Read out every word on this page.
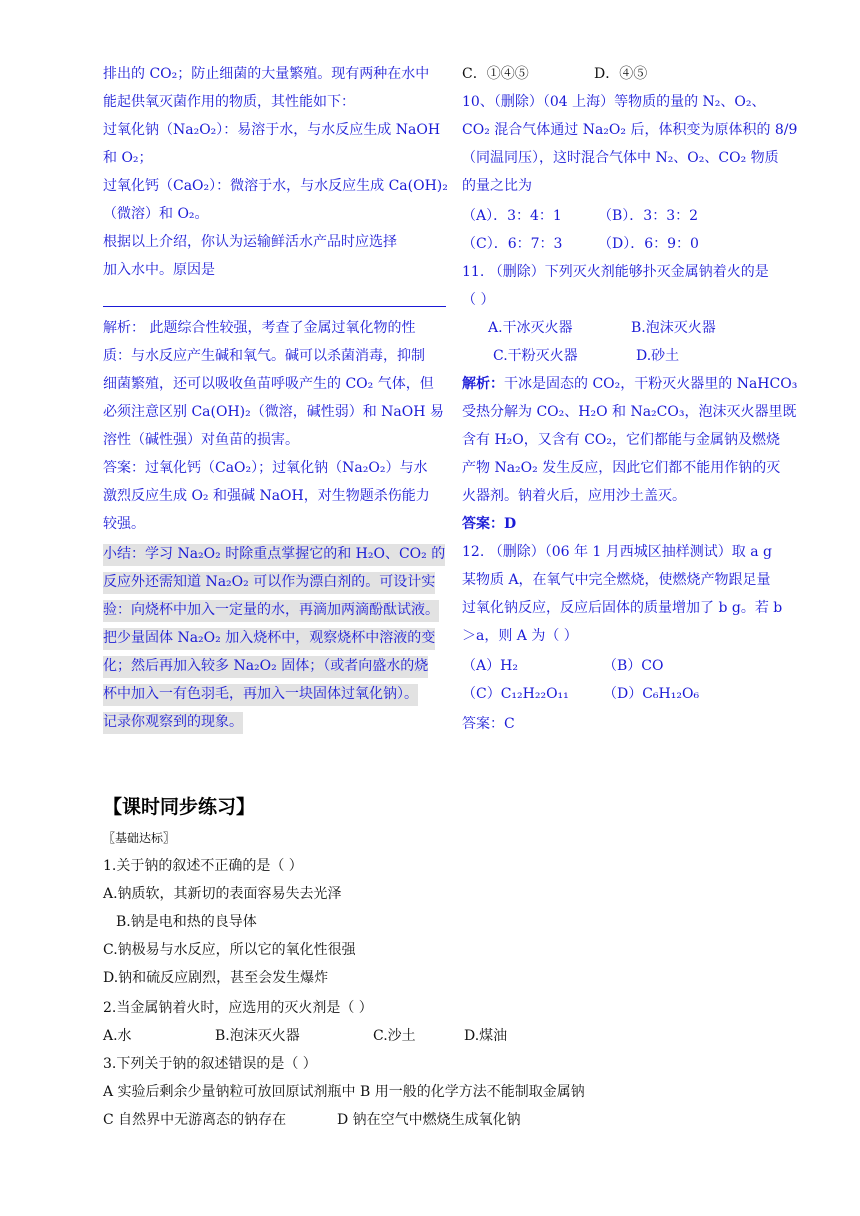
排出的 CO₂；防止细菌的大量繁殖。现有两种在水中
能起供氧灭菌作用的物质，其性能如下：
过氧化钠（Na₂O₂）：易溶于水，与水反应生成 NaOH
和 O₂；
过氧化钙（CaO₂）：微溶于水，与水反应生成 Ca(OH)₂
（微溶）和 O₂。
根据以上介绍，你认为运输鲜活水产品时应选择
加入水中。原因是
解析： 此题综合性较强，考查了金属过氧化物的性
质：与水反应产生碱和氧气。碱可以杀菌消毒，抑制
细菌繁殖，还可以吸收鱼苗呼吸产生的 CO₂ 气体，但
必须注意区别 Ca(OH)₂（微溶，碱性弱）和 NaOH 易
溶性（碱性强）对鱼苗的损害。
答案：过氧化钙（CaO₂）；过氧化钠（Na₂O₂）与水
激烈反应生成 O₂ 和强碱 NaOH，对生物题杀伤能力
较强。
小结：学习 Na₂O₂ 时除重点掌握它的和 H₂O、CO₂ 的
反应外还需知道 Na₂O₂ 可以作为漂白剂的。可设计实
验：向烧杯中加入一定量的水，再滴加两滴酚酞试液。
把少量固体 Na₂O₂ 加入烧杯中，观察烧杯中溶液的变
化；然后再加入较多 Na₂O₂ 固体；（或者向盛水的烧
杯中加入一有色羽毛，再加入一块固体过氧化钠）。
记录你观察到的现象。
C．①④⑤	D．④⑤
10、（删除）（04 上海）等物质的量的 N₂、O₂、
CO₂ 混合气体通过 Na₂O₂ 后，体积变为原体积的 8/9
（同温同压），这时混合气体中 N₂、O₂、CO₂ 物质
的量之比为
（A）．3：4：1	（B）．3：3：2
（C）．6：7：3	（D）．6：9：0
11. （删除）下列灭火剂能够扑灭金属钠着火的是
（ ）
A.干冰灭火器	B.泡沫灭火器
C.干粉灭火器	D.砂土
解析： 干冰是固态的 CO₂，干粉灭火器里的 NaHCO₃
受热分解为 CO₂、H₂O 和 Na₂CO₃，泡沫灭火器里既
含有 H₂O，又含有 CO₂，它们都能与金属钠及燃烧
产物 Na₂O₂ 发生反应，因此它们都不能用作钠的灭
火器剂。钠着火后，应用沙土盖灭。
答案：D
12. （删除）（06 年 1 月西城区抽样测试）取 a g
某物质 A，在氧气中完全燃烧，使燃烧产物跟足量
过氧化钠反应，反应后固体的质量增加了 b g。若 b
＞a，则 A 为（ ）
（A）H₂	（B）CO
（C）C₁₂H₂₂O₁₁ （D）C₆H₁₂O₆
答案：C
【课时同步练习】
〖基础达标〗
1.关于钠的叙述不正确的是（ ）
A.钠质软，其新切的表面容易失去光泽
B.钠是电和热的良导体
C.钠极易与水反应，所以它的氧化性很强
D.钠和硫反应剧烈，甚至会发生爆炸
2.当金属钠着火时，应选用的灭火剂是（ ）
A.水	B.泡沫灭火器	C.沙土	D.煤油
3.下列关于钠的叙述错误的是（ ）
A 实验后剩余少量钠粒可放回原试剂瓶中 B 用一般的化学方法不能制取金属钠
C 自然界中无游离态的钠存在	D 钠在空气中燃烧生成氧化钠
